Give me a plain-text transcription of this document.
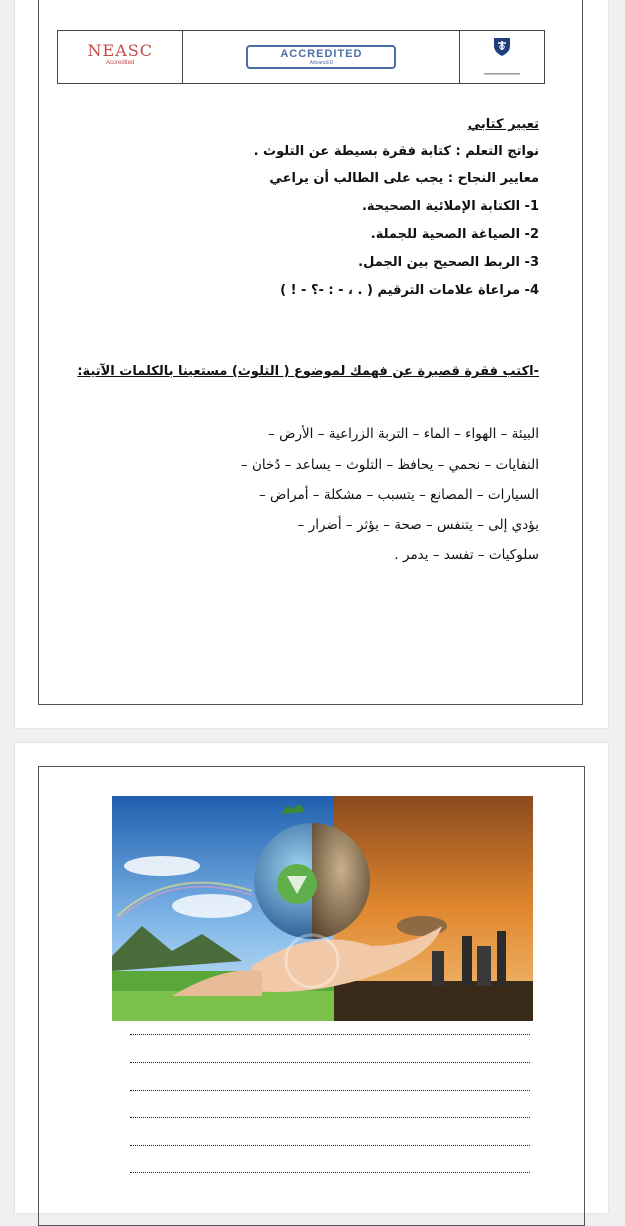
NEASC
Accredited
ACCREDITED
AdvancED

تعبير كتابي
نواتج التعلم : كتابة فقرة بسيطة عن التلوث .
معايير النجاح : يجب على الطالب أن يراعي
1- الكتابة الإملائية الصحيحة.
2- الصياغة الصحية للجملة.
3- الربط الصحيح بين الجمل.
4- مراعاة علامات الترقيم ( . ، - : -؟ - ! )
-اكتب فقرة قصيرة عن فهمك لموضوع ( التلوث) مستعينا بالكلمات الآتية:
البيئة – الهواء – الماء – التربة الزراعية – الأرض –
النفايات – نحمي – يحافظ – التلوث – يساعد – دُخان –
السيارات – المصانع – يتسبب – مشكلة – أمراض –
يؤدي إلى – يتنفس – صحة – يؤثر – أضرار –
سلوكيات – تفسد – يدمر .
